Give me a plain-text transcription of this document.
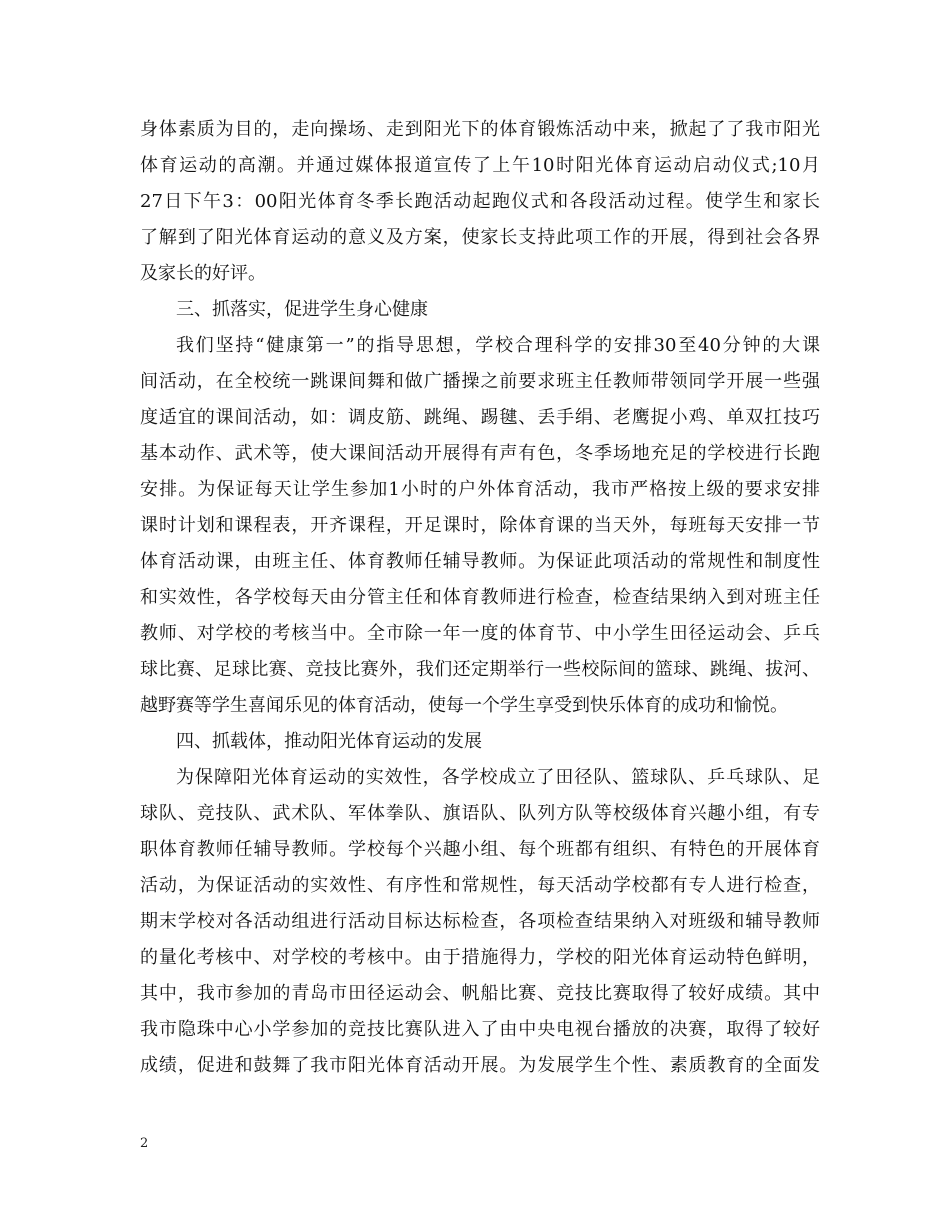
身体素质为目的，走向操场、走到阳光下的体育锻炼活动中来，掀起了了我市阳光
体育运动的高潮。并通过媒体报道宣传了上午10时阳光体育运动启动仪式;10月
27日下午3：00阳光体育冬季长跑活动起跑仪式和各段活动过程。使学生和家长
了解到了阳光体育运动的意义及方案，使家长支持此项工作的开展，得到社会各界
及家长的好评。
三、抓落实，促进学生身心健康
我们坚持“健康第一”的指导思想，学校合理科学的安排30至40分钟的大课
间活动，在全校统一跳课间舞和做广播操之前要求班主任教师带领同学开展一些强
度适宜的课间活动，如：调皮筋、跳绳、踢毽、丢手绢、老鹰捉小鸡、单双扛技巧
基本动作、武术等，使大课间活动开展得有声有色，冬季场地充足的学校进行长跑
安排。为保证每天让学生参加1小时的户外体育活动，我市严格按上级的要求安排
课时计划和课程表，开齐课程，开足课时，除体育课的当天外，每班每天安排一节
体育活动课，由班主任、体育教师任辅导教师。为保证此项活动的常规性和制度性
和实效性，各学校每天由分管主任和体育教师进行检查，检查结果纳入到对班主任
教师、对学校的考核当中。全市除一年一度的体育节、中小学生田径运动会、乒乓
球比赛、足球比赛、竞技比赛外，我们还定期举行一些校际间的篮球、跳绳、拔河、
越野赛等学生喜闻乐见的体育活动，使每一个学生享受到快乐体育的成功和愉悦。
四、抓载体，推动阳光体育运动的发展
为保障阳光体育运动的实效性，各学校成立了田径队、篮球队、乒乓球队、足
球队、竞技队、武术队、军体拳队、旗语队、队列方队等校级体育兴趣小组，有专
职体育教师任辅导教师。学校每个兴趣小组、每个班都有组织、有特色的开展体育
活动，为保证活动的实效性、有序性和常规性，每天活动学校都有专人进行检查，
期末学校对各活动组进行活动目标达标检查，各项检查结果纳入对班级和辅导教师
的量化考核中、对学校的考核中。由于措施得力，学校的阳光体育运动特色鲜明，
其中，我市参加的青岛市田径运动会、帆船比赛、竞技比赛取得了较好成绩。其中
我市隐珠中心小学参加的竞技比赛队进入了由中央电视台播放的决赛，取得了较好
成绩，促进和鼓舞了我市阳光体育活动开展。为发展学生个性、素质教育的全面发
2
